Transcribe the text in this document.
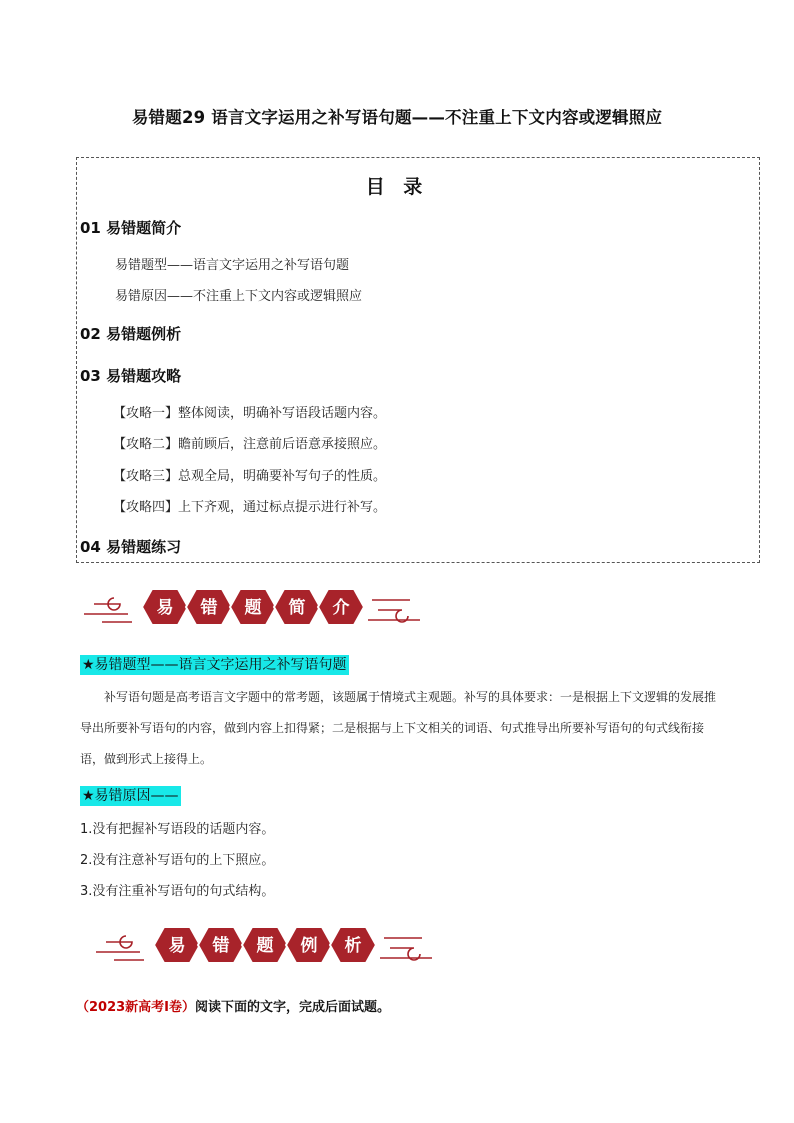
易错题29 语言文字运用之补写语句题——不注重上下文内容或逻辑照应
目 录
01 易错题简介
易错题型——语言文字运用之补写语句题
易错原因——不注重上下文内容或逻辑照应
02 易错题例析
03 易错题攻略
【攻略一】整体阅读，明确补写语段话题内容。
【攻略二】瞻前顾后，注意前后语意承接照应。
【攻略三】总观全局，明确要补写句子的性质。
【攻略四】上下齐观，通过标点提示进行补写。
04 易错题练习
易 错 题 简 介
★易错题型——语言文字运用之补写语句题
补写语句题是高考语言文字题中的常考题，该题属于情境式主观题。补写的具体要求：一是根据上下文逻辑的发展推导出所要补写语句的内容，做到内容上扣得紧；二是根据与上下文相关的词语、句式推导出所要补写语句的句式线衔接语，做到形式上接得上。
★易错原因——
1.没有把握补写语段的话题内容。
2.没有注意补写语句的上下照应。
3.没有注重补写语句的句式结构。
易 错 题 例 析
（2023新高考Ⅰ卷）阅读下面的文字，完成后面试题。
